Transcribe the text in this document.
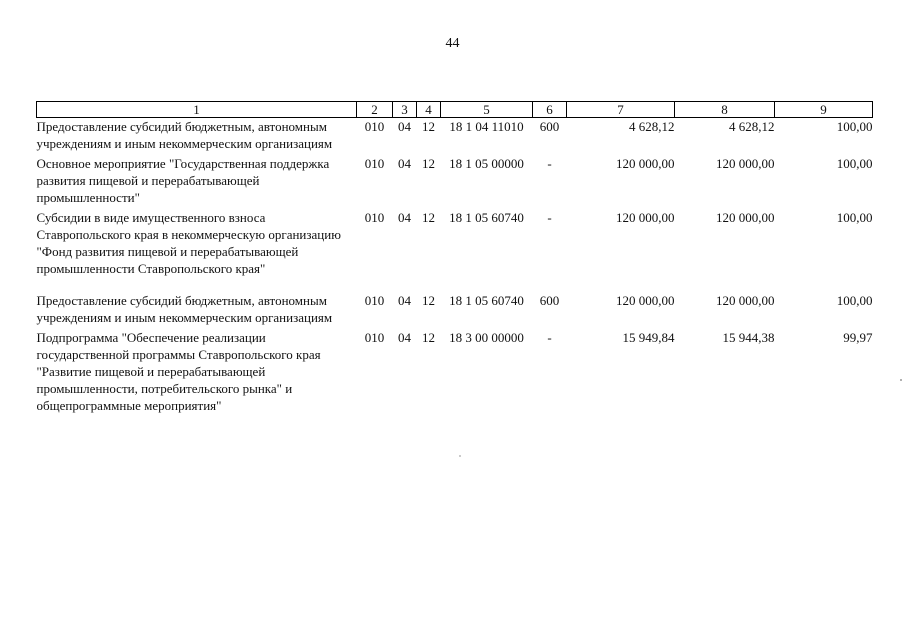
44
1	2	3	4	5	6	7	8	9
Предоставление субсидий бюджетным, автономным учреждениям и иным некоммерческим организациям	010	04	12	18 1 04 11010	600	4 628,12	4 628,12	100,00
Основное мероприятие "Государственная поддержка развития пищевой и перерабатывающей промышленности"	010	04	12	18 1 05 00000	-	120 000,00	120 000,00	100,00
Субсидии в виде имущественного взноса Ставропольского края в некоммерческую организацию "Фонд развития пищевой и перерабатывающей промышленности Ставропольского края"	010	04	12	18 1 05 60740	-	120 000,00	120 000,00	100,00
Предоставление субсидий бюджетным, автономным учреждениям и иным некоммерческим организациям	010	04	12	18 1 05 60740	600	120 000,00	120 000,00	100,00
Подпрограмма "Обеспечение реализации государственной программы Ставропольского края "Развитие пищевой и перерабатывающей промышленности, потребительского рынка" и общепрограммные мероприятия"	010	04	12	18 3 00 00000	-	15 949,84	15 944,38	99,97
